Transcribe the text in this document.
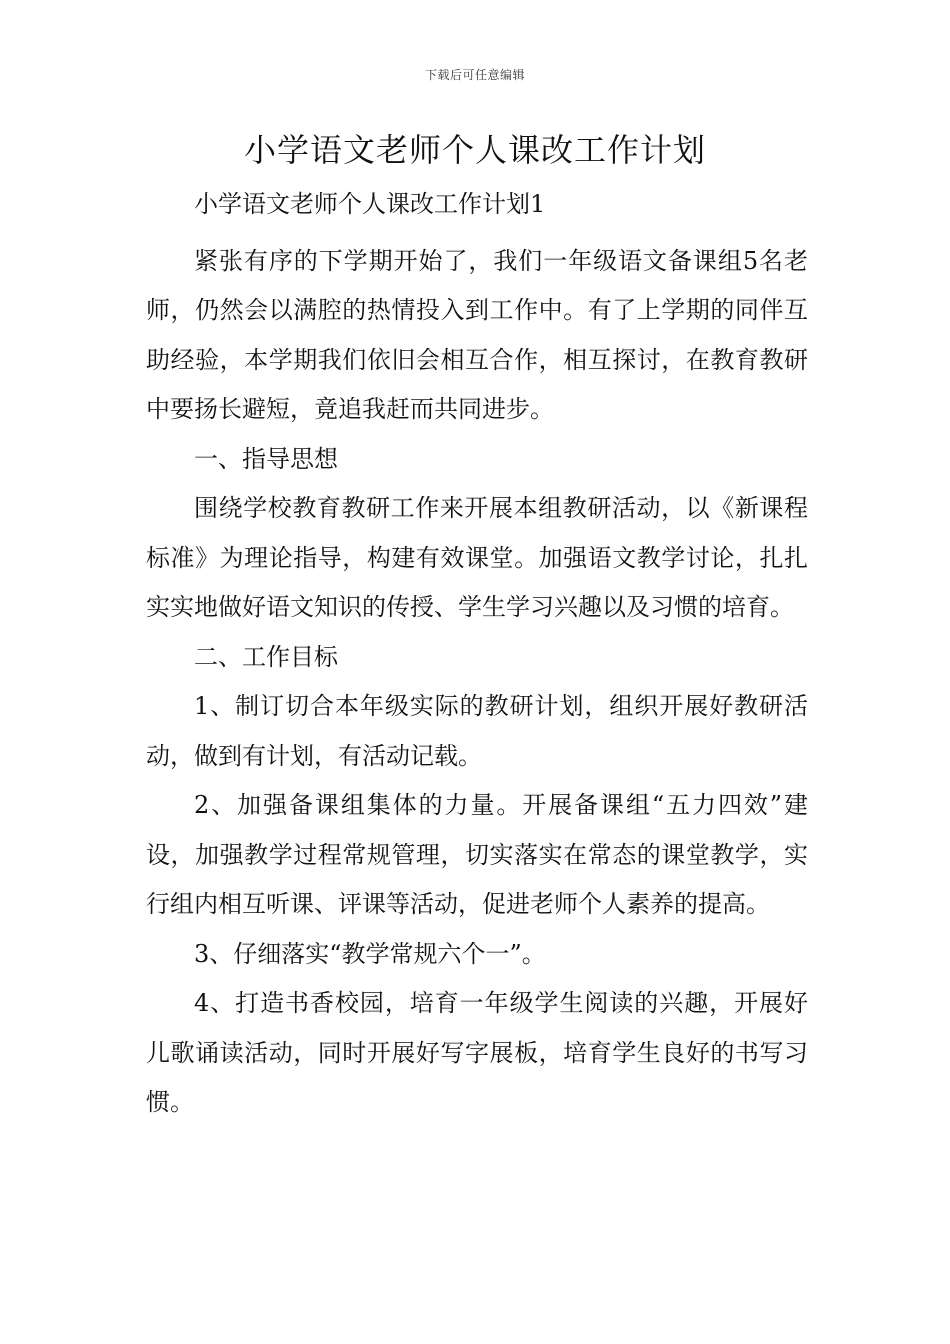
下载后可任意编辑
小学语文老师个人课改工作计划

小学语文老师个人课改工作计划1

紧张有序的下学期开始了，我们一年级语文备课组5名老师，仍然会以满腔的热情投入到工作中。有了上学期的同伴互助经验，本学期我们依旧会相互合作，相互探讨，在教育教研中要扬长避短，竟追我赶而共同进步。

一、指导思想

围绕学校教育教研工作来开展本组教研活动，以《新课程标准》为理论指导，构建有效课堂。加强语文教学讨论，扎扎实实地做好语文知识的传授、学生学习兴趣以及习惯的培育。

二、工作目标

1、制订切合本年级实际的教研计划，组织开展好教研活动，做到有计划，有活动记载。

2、加强备课组集体的力量。开展备课组“五力四效”建设，加强教学过程常规管理，切实落实在常态的课堂教学，实行组内相互听课、评课等活动，促进老师个人素养的提高。

3、仔细落实“教学常规六个一”。

4、打造书香校园，培育一年级学生阅读的兴趣，开展好儿歌诵读活动，同时开展好写字展板，培育学生良好的书写习惯。
